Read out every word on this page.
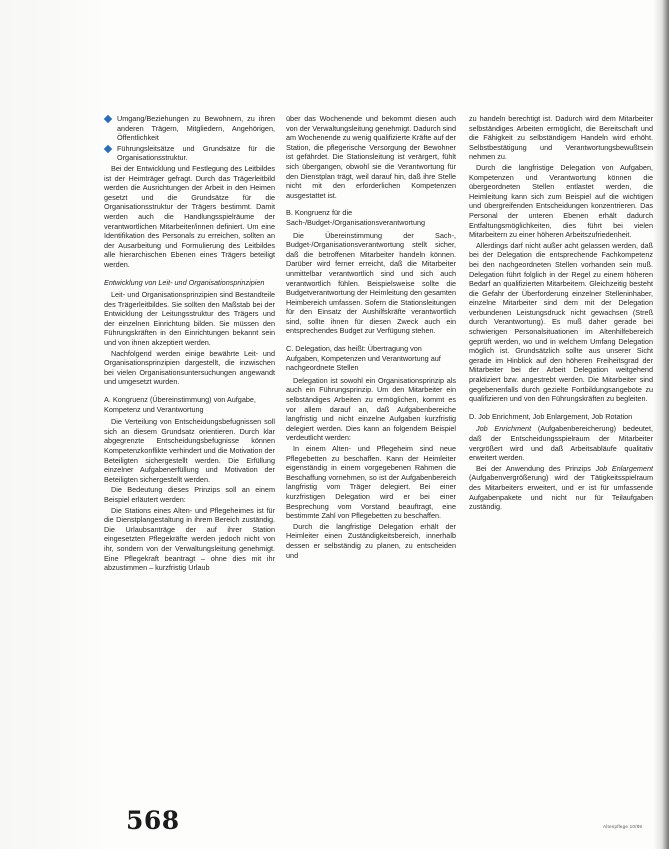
Umgang/Beziehungen zu Bewohnern, zu ihren anderen Trägern, Mitgliedern, Angehörigen, Öffentlichkeit

Führungsleitsätze und Grundsätze für die Organisationsstruktur.

Bei der Entwicklung und Festlegung des Leitbildes ist der Heimträger gefragt. Durch das Trägerleitbild werden die Ausrichtungen der Arbeit in den Heimen gesetzt und die Grundsätze für die Organisationsstruktur der Trägers bestimmt. Damit werden auch die Handlungsspielräume der verantwortlichen Mitarbeiter/innen definiert. Um eine Identifikation des Personals zu erreichen, sollten an der Ausarbeitung und Formulierung des Leitbildes alle hierarchischen Ebenen eines Trägers beteiligt werden.

Entwicklung von Leit- und Organisationsprinzipien

Leit- und Organisationsprinzipien sind Bestandteile des Trägerleitbildes. Sie sollten den Maßstab bei der Entwicklung der Leitungsstruktur des Trägers und der einzelnen Einrichtung bilden. Sie müssen den Führungskräften in den Einrichtungen bekannt sein und von ihnen akzeptiert werden.

Nachfolgend werden einige bewährte Leit- und Organisationsprinzipien dargestellt, die inzwischen bei vielen Organisationsuntersuchungen angewandt und umgesetzt wurden.

A. Kongruenz (Übereinstimmung) von Aufgabe, Kompetenz und Verantwortung

Die Verteilung von Entscheidungsbefugnissen soll sich an diesem Grundsatz orientieren. Durch klar abgegrenzte Entscheidungsbefugnisse können Kompetenzkonflikte verhindert und die Motivation der Beteiligten sichergestellt werden. Die Erfüllung einzelner Aufgabenerfüllung und Motivation der Beteiligten sichergestellt werden.

Die Bedeutung dieses Prinzips soll an einem Beispiel erläutert werden:

Die Stations eines Alten- und Pflegeheimes ist für die Dienstplangestaltung in ihrem Bereich zuständig. Die Urlaubsanträge der auf ihrer Station eingesetzten Pflegekräfte werden jedoch nicht von ihr, sondern von der Verwaltungsleitung genehmigt. Eine Pflegekraft beantragt – ohne dies mit ihr abzustimmen – kurzfristig Urlaub

über das Wochenende und bekommt diesen auch von der Verwaltungsleitung genehmigt. Dadurch sind am Wochenende zu wenig qualifizierte Kräfte auf der Station, die pflegerische Versorgung der Bewohner ist gefährdet. Die Stationsleitung ist verärgert, fühlt sich übergangen, obwohl sie die Verantwortung für den Dienstplan trägt, weil darauf hin, daß ihre Stelle nicht mit den erforderlichen Kompetenzen ausgestattet ist.

B. Kongruenz für die Sach-/Budget-/Organisationsverantwortung

Die Übereinstimmung der Sach-, Budget-/Organisationsverantwortung stellt sicher, daß die betroffenen Mitarbeiter handeln können. Darüber wird ferner erreicht, daß die Mitarbeiter unmittelbar verantwortlich sind und sich auch verantwortlich fühlen. Beispielsweise sollte die Budgetverantwortung der Heimleitung den gesamten Heimbereich umfassen. Sofern die Stationsleitungen für den Einsatz der Aushilfskräfte verantwortlich sind, sollte ihnen für diesen Zweck auch ein entsprechendes Budget zur Verfügung stehen.

C. Delegation, das heißt: Übertragung von Aufgaben, Kompetenzen und Verantwortung auf nachgeordnete Stellen

Delegation ist sowohl ein Organisationsprinzip als auch ein Führungsprinzip. Um den Mitarbeiter ein selbständiges Arbeiten zu ermöglichen, kommt es vor allem darauf an, daß Aufgabenbereiche langfristig und nicht einzelne Aufgaben kurzfristig delegiert werden. Dies kann an folgendem Beispiel verdeutlicht werden:

In einem Alten- und Pflegeheim sind neue Pflegebetten zu beschaffen. Kann der Heimleiter eigenständig in einem vorgegebenen Rahmen die Beschaffung vornehmen, so ist der Aufgabenbereich langfristig vom Träger delegiert. Bei einer kurzfristigen Delegation wird er bei einer Besprechung vom Vorstand beauftragt, eine bestimmte Zahl von Pflegebetten zu beschaffen.

Durch die langfristige Delegation erhält der Heimleiter einen Zuständigkeitsbereich, innerhalb dessen er selbständig zu planen, zu entscheiden und

zu handeln berechtigt ist. Dadurch wird dem Mitarbeiter selbständiges Arbeiten ermöglicht, die Bereitschaft und die Fähigkeit zu selbständigem Handeln wird erhöht. Selbstbestätigung und Verantwortungsbewußtsein nehmen zu.

Durch die langfristige Delegation von Aufgaben, Kompetenzen und Verantwortung können die übergeordneten Stellen entlastet werden, die Heimleitung kann sich zum Beispiel auf die wichtigen und übergreifenden Entscheidungen konzentrieren. Das Personal der unteren Ebenen erhält dadurch Entfaltungsmöglichkeiten, dies führt bei vielen Mitarbeitern zu einer höheren Arbeitszufriedenheit.

Allerdings darf nicht außer acht gelassen werden, daß bei der Delegation die entsprechende Fachkompetenz bei den nachgeordneten Stellen vorhanden sein muß. Delegation führt folglich in der Regel zu einem höheren Bedarf an qualifizierten Mitarbeitern. Gleichzeitig besteht die Gefahr der Überforderung einzelner Stelleninhaber, einzelne Mitarbeiter sind dem mit der Delegation verbundenen Leistungsdruck nicht gewachsen (Streß durch Verantwortung). Es muß daher gerade bei schwierigen Personalsituationen im Altenhilfebereich geprüft werden, wo und in welchem Umfang Delegation möglich ist. Grundsätzlich sollte aus unserer Sicht gerade im Hinblick auf den höheren Freiheitsgrad der Mitarbeiter bei der Arbeit Delegation weitgehend praktiziert bzw. angestrebt werden. Die Mitarbeiter sind gegebenenfalls durch gezielte Fortbildungsangebote zu qualifizieren und von den Führungskräften zu begleiten.

D. Job Enrichment, Job Enlargement, Job Rotation

Job Enrichment (Aufgabenbereicherung) bedeutet, daß der Entscheidungsspielraum der Mitarbeiter vergrößert wird und daß Arbeitsabläufe qualitativ erweitert werden.

Bei der Anwendung des Prinzips Job Enlargement (Aufgabenvergrößerung) wird der Tätigkeitsspielraum des Mitarbeiters erweitert, und er ist für umfassende Aufgabenpakete und nicht nur für Teilaufgaben zuständig.

568	Altenpflege 10/89
